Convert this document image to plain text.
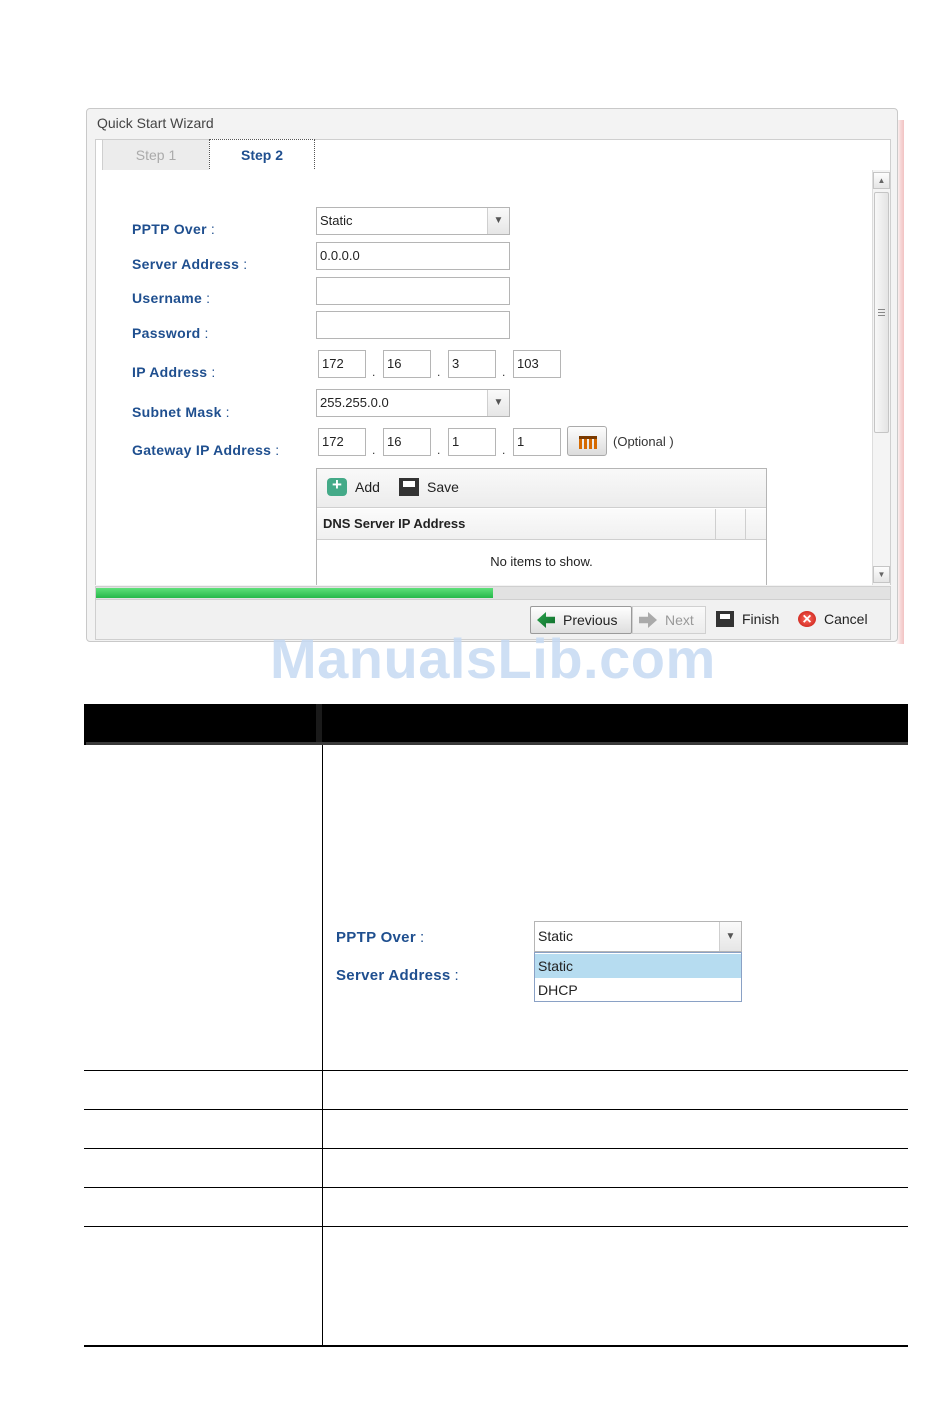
Quick Start Wizard
Step 1	Step 2
PPTP Over :
Static	▼
Server Address :
0.0.0.0
Username :
Password :
IP Address :
172
.
16
.
3
.
103
Subnet Mask :
255.255.0.0	▼
Gateway IP Address :
172
.
16
.
1
.
1	(Optional )
+Add	Save
DNS Server IP Address
No items to show.
▲
▼
Previous	Next	Finish
×	Cancel
ManualsLib.com
PPTP Over :
Server Address :
Static	▼
Static
DHCP
